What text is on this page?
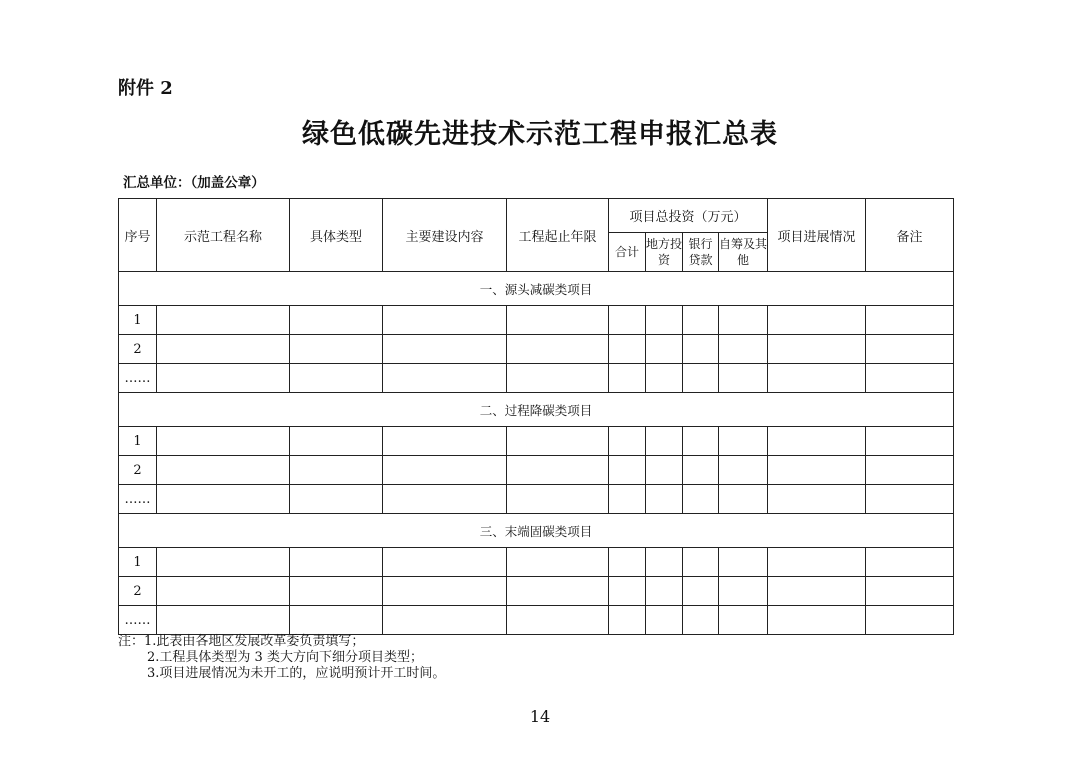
附件 2
绿色低碳先进技术示范工程申报汇总表
汇总单位：（加盖公章）
序号	示范工程名称	具体类型	主要建设内容	工程起止年限	项目总投资（万元）				项目进展情况	备注
					合计	地方投资	银行贷款	自筹及其他		
一、源头减碳类项目										
1										
2										
……										
二、过程降碳类项目										
1										
2										
……										
三、末端固碳类项目										
1										
2										
……										
注：1.此表由各地区发展改革委负责填写；
2.工程具体类型为 3 类大方向下细分项目类型；
3.项目进展情况为未开工的，应说明预计开工时间。
14
